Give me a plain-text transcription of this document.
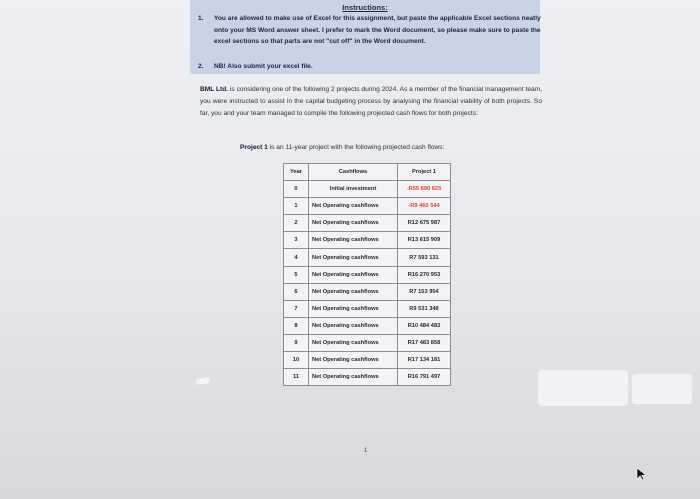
Instructions:
1. You are allowed to make use of Excel for this assignment, but paste the applicable Excel sections neatly onto your MS Word answer sheet. I prefer to mark the Word document, so please make sure to paste the excel sections so that parts are not "cut off" in the Word document.
2. NB! Also submit your excel file.
BML Ltd. is considering one of the following 2 projects during 2024. As a member of the financial management team, you were instructed to assist in the capital budgeting process by analysing the financial viability of both projects. So far, you and your team managed to compile the following projected cash flows for both projects:
Project 1 is an 11-year project with the following projected cash flows:
Year	Cashflows	Project 1
0	Initial investment	-R55 890 625
1	Net Operating cashflows	-R9 460 544
2	Net Operating cashflows	R12 675 987
3	Net Operating cashflows	R13 615 909
4	Net Operating cashflows	R7 593 131
5	Net Operating cashflows	R16 270 953
6	Net Operating cashflows	R7 153 954
7	Net Operating cashflows	R9 531 348
8	Net Operating cashflows	R10 484 483
9	Net Operating cashflows	R17 483 858
10	Net Operating cashflows	R17 134 181
11	Net Operating cashflows	R16 791 497
1
